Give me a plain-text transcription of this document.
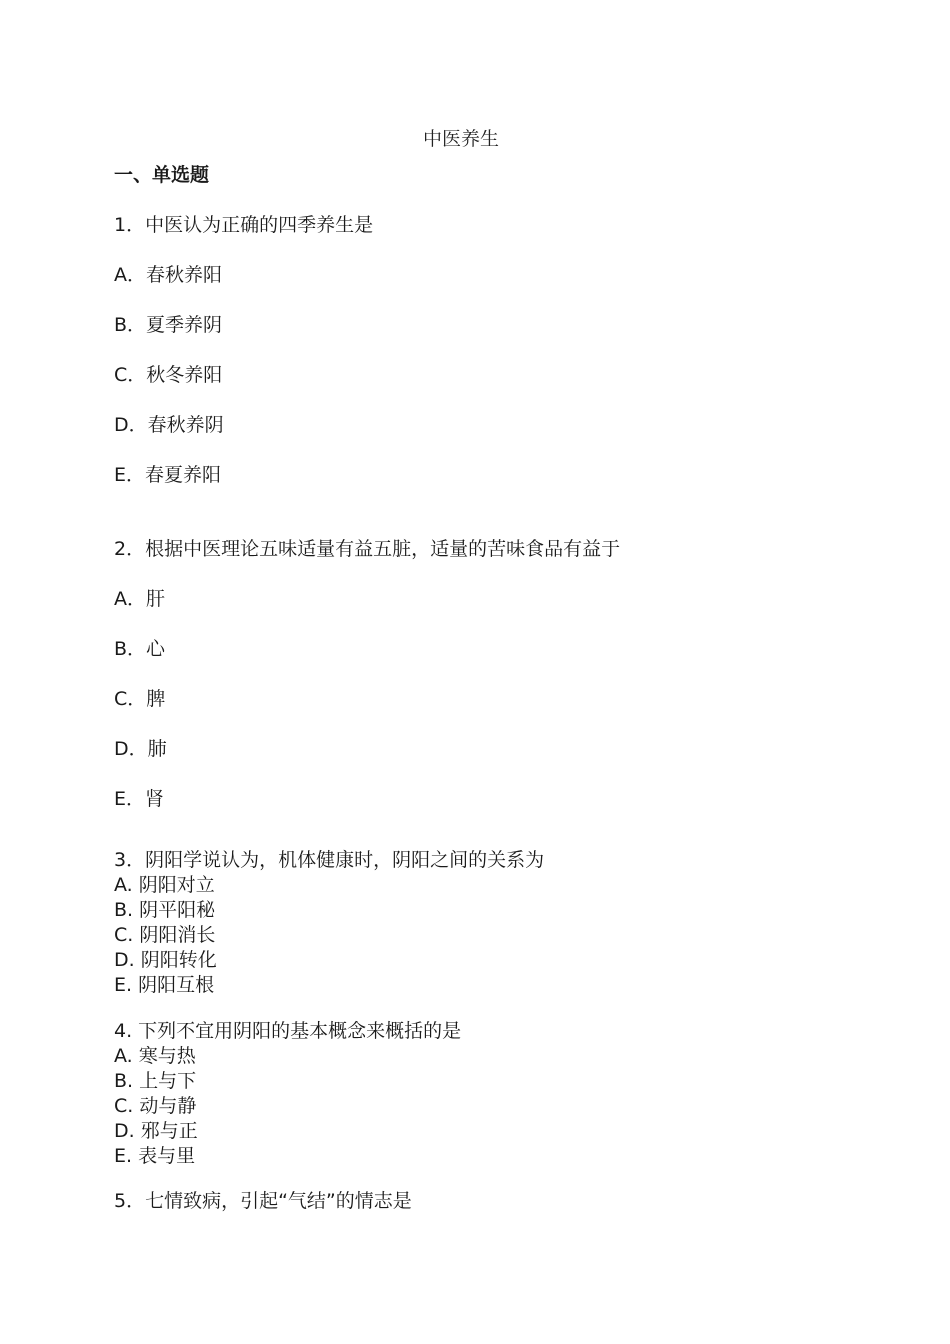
中医养生
一、单选题
1．中医认为正确的四季养生是
A．春秋养阳
B．夏季养阴
C．秋冬养阳
D．春秋养阴
E．春夏养阳
2．根据中医理论五味适量有益五脏，适量的苦味食品有益于
A．肝
B．心
C．脾
D．肺
E．肾
3．阴阳学说认为，机体健康时，阴阳之间的关系为
A. 阴阳对立
B. 阴平阳秘
C. 阴阳消长
D. 阴阳转化
E. 阴阳互根
4. 下列不宜用阴阳的基本概念来概括的是
A. 寒与热
B. 上与下
C. 动与静
D. 邪与正
E. 表与里
5．七情致病，引起“气结”的情志是
